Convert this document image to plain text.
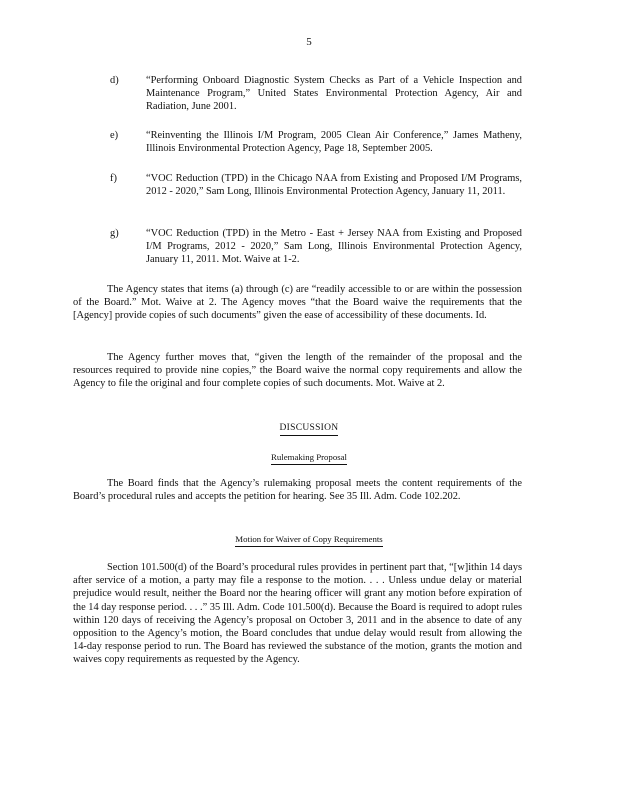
5
d)	“Performing Onboard Diagnostic System Checks as Part of a Vehicle Inspection and Maintenance Program,” United States Environmental Protection Agency, Air and Radiation, June 2001.
e)	“Reinventing the Illinois I/M Program, 2005 Clean Air Conference,” James Matheny, Illinois Environmental Protection Agency, Page 18, September 2005.
f)	“VOC Reduction (TPD) in the Chicago NAA from Existing and Proposed I/M Programs, 2012 - 2020,” Sam Long, Illinois Environmental Protection Agency, January 11, 2011.
g)	“VOC Reduction (TPD) in the Metro - East + Jersey NAA from Existing and Proposed I/M Programs, 2012 - 2020,” Sam Long, Illinois Environmental Protection Agency, January 11, 2011. Mot. Waive at 1-2.
The Agency states that items (a) through (c) are “readily accessible to or are within the possession of the Board.” Mot. Waive at 2. The Agency moves “that the Board waive the requirements that the [Agency] provide copies of such documents” given the ease of accessibility of these documents. Id.
The Agency further moves that, “given the length of the remainder of the proposal and the resources required to provide nine copies,” the Board waive the normal copy requirements and allow the Agency to file the original and four complete copies of such documents. Mot. Waive at 2.
DISCUSSION
Rulemaking Proposal
The Board finds that the Agency’s rulemaking proposal meets the content requirements of the Board’s procedural rules and accepts the petition for hearing. See 35 Ill. Adm. Code 102.202.
Motion for Waiver of Copy Requirements
Section 101.500(d) of the Board’s procedural rules provides in pertinent part that, “[w]ithin 14 days after service of a motion, a party may file a response to the motion. . . . Unless undue delay or material prejudice would result, neither the Board nor the hearing officer will grant any motion before expiration of the 14 day response period. . . .” 35 Ill. Adm. Code 101.500(d). Because the Board is required to adopt rules within 120 days of receiving the Agency’s proposal on October 3, 2011 and in the absence to date of any opposition to the Agency’s motion, the Board concludes that undue delay would result from allowing the 14-day response period to run. The Board has reviewed the substance of the motion, grants the motion and waives copy requirements as requested by the Agency.
